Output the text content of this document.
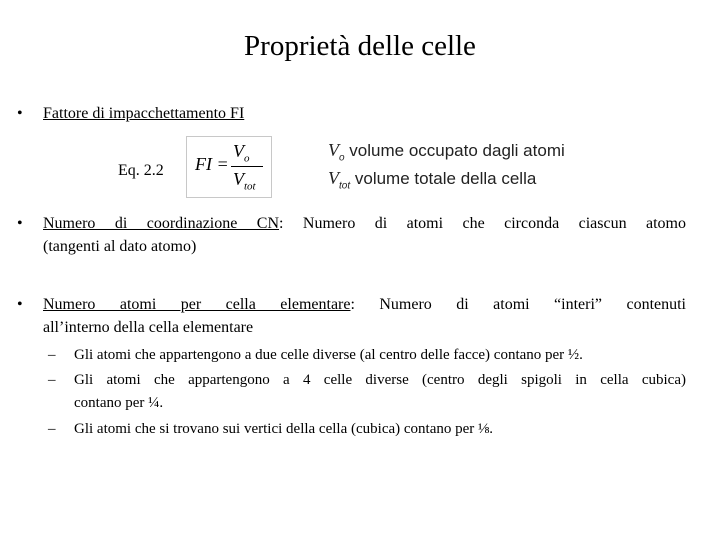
Proprietà delle celle
• Fattore di impacchettamento FI
Eq. 2.2 FI =
$V_o$
$V_{tot}$
$V_o$ volume occupato dagli atomi
$V_{tot}$ volume totale della cella
• Numero di coordinazione CN: Numero di atomi che circonda ciascun atomo
(tangenti al dato atomo)
• Numero atomi per cella elementare: Numero di atomi “interi” contenuti
all’interno della cella elementare
– Gli atomi che appartengono a due celle diverse (al centro delle facce) contano per ½.
– Gli atomi che appartengono a 4 celle diverse (centro degli spigoli in cella cubica)
contano per ¼.
– Gli atomi che si trovano sui vertici della cella (cubica) contano per ⅛.
